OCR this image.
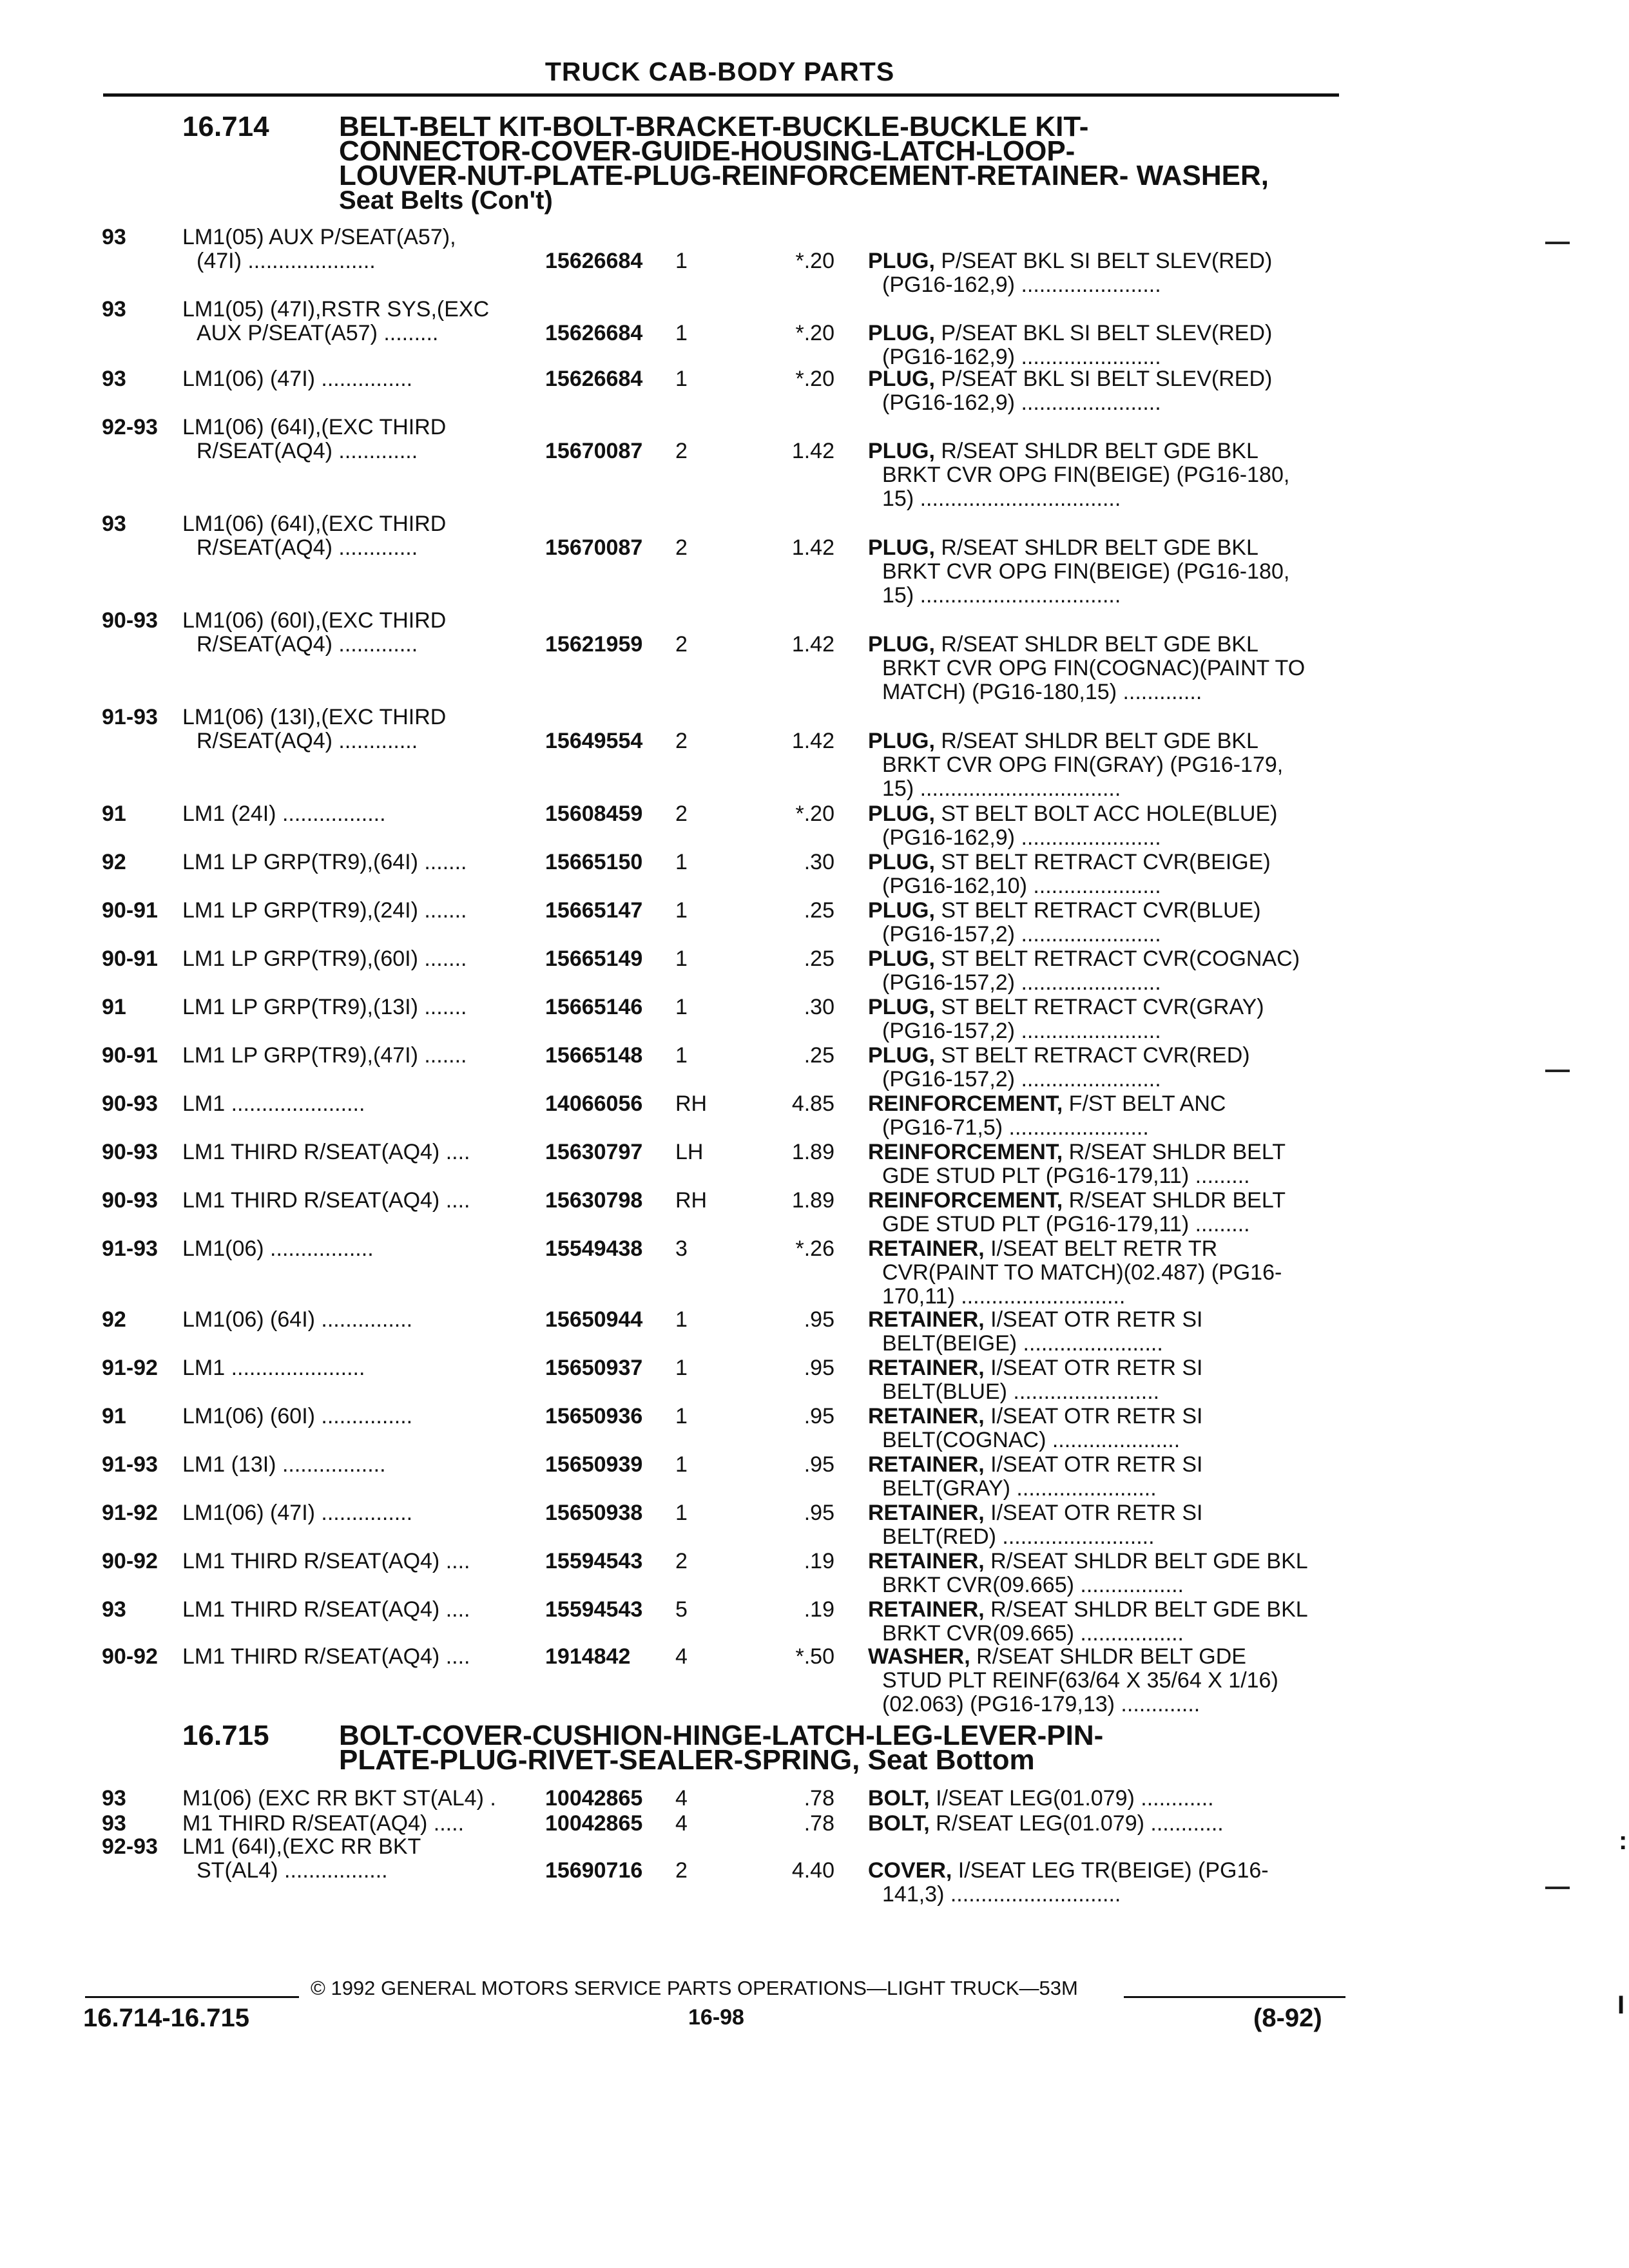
TRUCK CAB-BODY PARTS
16.714 BELT-BELT KIT-BOLT-BRACKET-BUCKLE-BUCKLE KIT-
CONNECTOR-COVER-GUIDE-HOUSING-LATCH-LOOP-
LOUVER-NUT-PLATE-PLUG-REINFORCEMENT-RETAINER- WASHER,
Seat Belts (Con't)
93	LM1(05) AUX P/SEAT(A57),
(47I) .....................	15626684 1	*.20 PLUG, P/SEAT BKL SI BELT SLEV(RED)
(PG16-162,9) .......................
93	LM1(05) (47I),RSTR SYS,(EXC
AUX P/SEAT(A57) .........	15626684 1	*.20 PLUG, P/SEAT BKL SI BELT SLEV(RED)
(PG16-162,9) .......................
93	LM1(06) (47I) ...............	15626684 1	*.20 PLUG, P/SEAT BKL SI BELT SLEV(RED)
(PG16-162,9) .......................
92-93 LM1(06) (64I),(EXC THIRD
R/SEAT(AQ4) .............	15670087 2	1.42 PLUG, R/SEAT SHLDR BELT GDE BKL
BRKT CVR OPG FIN(BEIGE) (PG16-180,
15) .................................
93	LM1(06) (64I),(EXC THIRD
R/SEAT(AQ4) .............	15670087 2	1.42 PLUG, R/SEAT SHLDR BELT GDE BKL
BRKT CVR OPG FIN(BEIGE) (PG16-180,
15) .................................
90-93 LM1(06) (60I),(EXC THIRD
R/SEAT(AQ4) .............	15621959 2	1.42 PLUG, R/SEAT SHLDR BELT GDE BKL
BRKT CVR OPG FIN(COGNAC)(PAINT TO
MATCH) (PG16-180,15) .............
91-93 LM1(06) (13I),(EXC THIRD
R/SEAT(AQ4) .............	15649554 2	1.42 PLUG, R/SEAT SHLDR BELT GDE BKL
BRKT CVR OPG FIN(GRAY) (PG16-179,
15) .................................
91	LM1 (24I) .................	15608459 2	*.20 PLUG, ST BELT BOLT ACC HOLE(BLUE)
(PG16-162,9) .......................
92	LM1 LP GRP(TR9),(64I) .......	15665150 1	.30 PLUG, ST BELT RETRACT CVR(BEIGE)
(PG16-162,10) .....................
90-91 LM1 LP GRP(TR9),(24I) .......	15665147 1	.25 PLUG, ST BELT RETRACT CVR(BLUE)
(PG16-157,2) .......................
90-91 LM1 LP GRP(TR9),(60I) .......	15665149 1	.25 PLUG, ST BELT RETRACT CVR(COGNAC)
(PG16-157,2) .......................
91	LM1 LP GRP(TR9),(13I) .......	15665146 1	.30 PLUG, ST BELT RETRACT CVR(GRAY)
(PG16-157,2) .......................
90-91 LM1 LP GRP(TR9),(47I) .......	15665148 1	.25 PLUG, ST BELT RETRACT CVR(RED)
(PG16-157,2) .......................
90-93 LM1 ......................	14066056 RH	4.85 REINFORCEMENT, F/ST BELT ANC
(PG16-71,5) .......................
90-93 LM1 THIRD R/SEAT(AQ4) ....	15630797 LH	1.89 REINFORCEMENT, R/SEAT SHLDR BELT
GDE STUD PLT (PG16-179,11) .........
90-93 LM1 THIRD R/SEAT(AQ4) ....	15630798 RH	1.89 REINFORCEMENT, R/SEAT SHLDR BELT
GDE STUD PLT (PG16-179,11) .........
91-93 LM1(06) .................	15549438 3	*.26 RETAINER, I/SEAT BELT RETR TR
CVR(PAINT TO MATCH)(02.487) (PG16-
170,11) ...........................
92	LM1(06) (64I) ...............	15650944 1	.95 RETAINER, I/SEAT OTR RETR SI
BELT(BEIGE) .......................
91-92 LM1 ......................	15650937 1	.95 RETAINER, I/SEAT OTR RETR SI
BELT(BLUE) ........................
91	LM1(06) (60I) ...............	15650936 1	.95 RETAINER, I/SEAT OTR RETR SI
BELT(COGNAC) .....................
91-93 LM1 (13I) .................	15650939 1	.95 RETAINER, I/SEAT OTR RETR SI
BELT(GRAY) .......................
91-92 LM1(06) (47I) ...............	15650938 1	.95 RETAINER, I/SEAT OTR RETR SI
BELT(RED) .........................
90-92 LM1 THIRD R/SEAT(AQ4) ....	15594543 2	.19 RETAINER, R/SEAT SHLDR BELT GDE BKL
BRKT CVR(09.665) .................
93	LM1 THIRD R/SEAT(AQ4) ....	15594543 5	.19 RETAINER, R/SEAT SHLDR BELT GDE BKL
BRKT CVR(09.665) .................
90-92 LM1 THIRD R/SEAT(AQ4) ....	1914842 4	*.50 WASHER, R/SEAT SHLDR BELT GDE
STUD PLT REINF(63/64 X 35/64 X 1/16)
(02.063) (PG16-179,13) .............
16.715 BOLT-COVER-CUSHION-HINGE-LATCH-LEG-LEVER-PIN-
PLATE-PLUG-RIVET-SEALER-SPRING, Seat Bottom
93	M1(06) (EXC RR BKT ST(AL4) . 10042865 4	.78 BOLT, I/SEAT LEG(01.079) ............
93	M1 THIRD R/SEAT(AQ4) .....	10042865 4	.78 BOLT, R/SEAT LEG(01.079) ............
92-93 LM1 (64I),(EXC RR BKT
ST(AL4) .................	15690716 2	4.40 COVER, I/SEAT LEG TR(BEIGE) (PG16-
141,3) ............................
:
I
© 1992 GENERAL MOTORS SERVICE PARTS OPERATIONS—LIGHT TRUCK—53M
16.714-16.715	16-98	(8-92)
